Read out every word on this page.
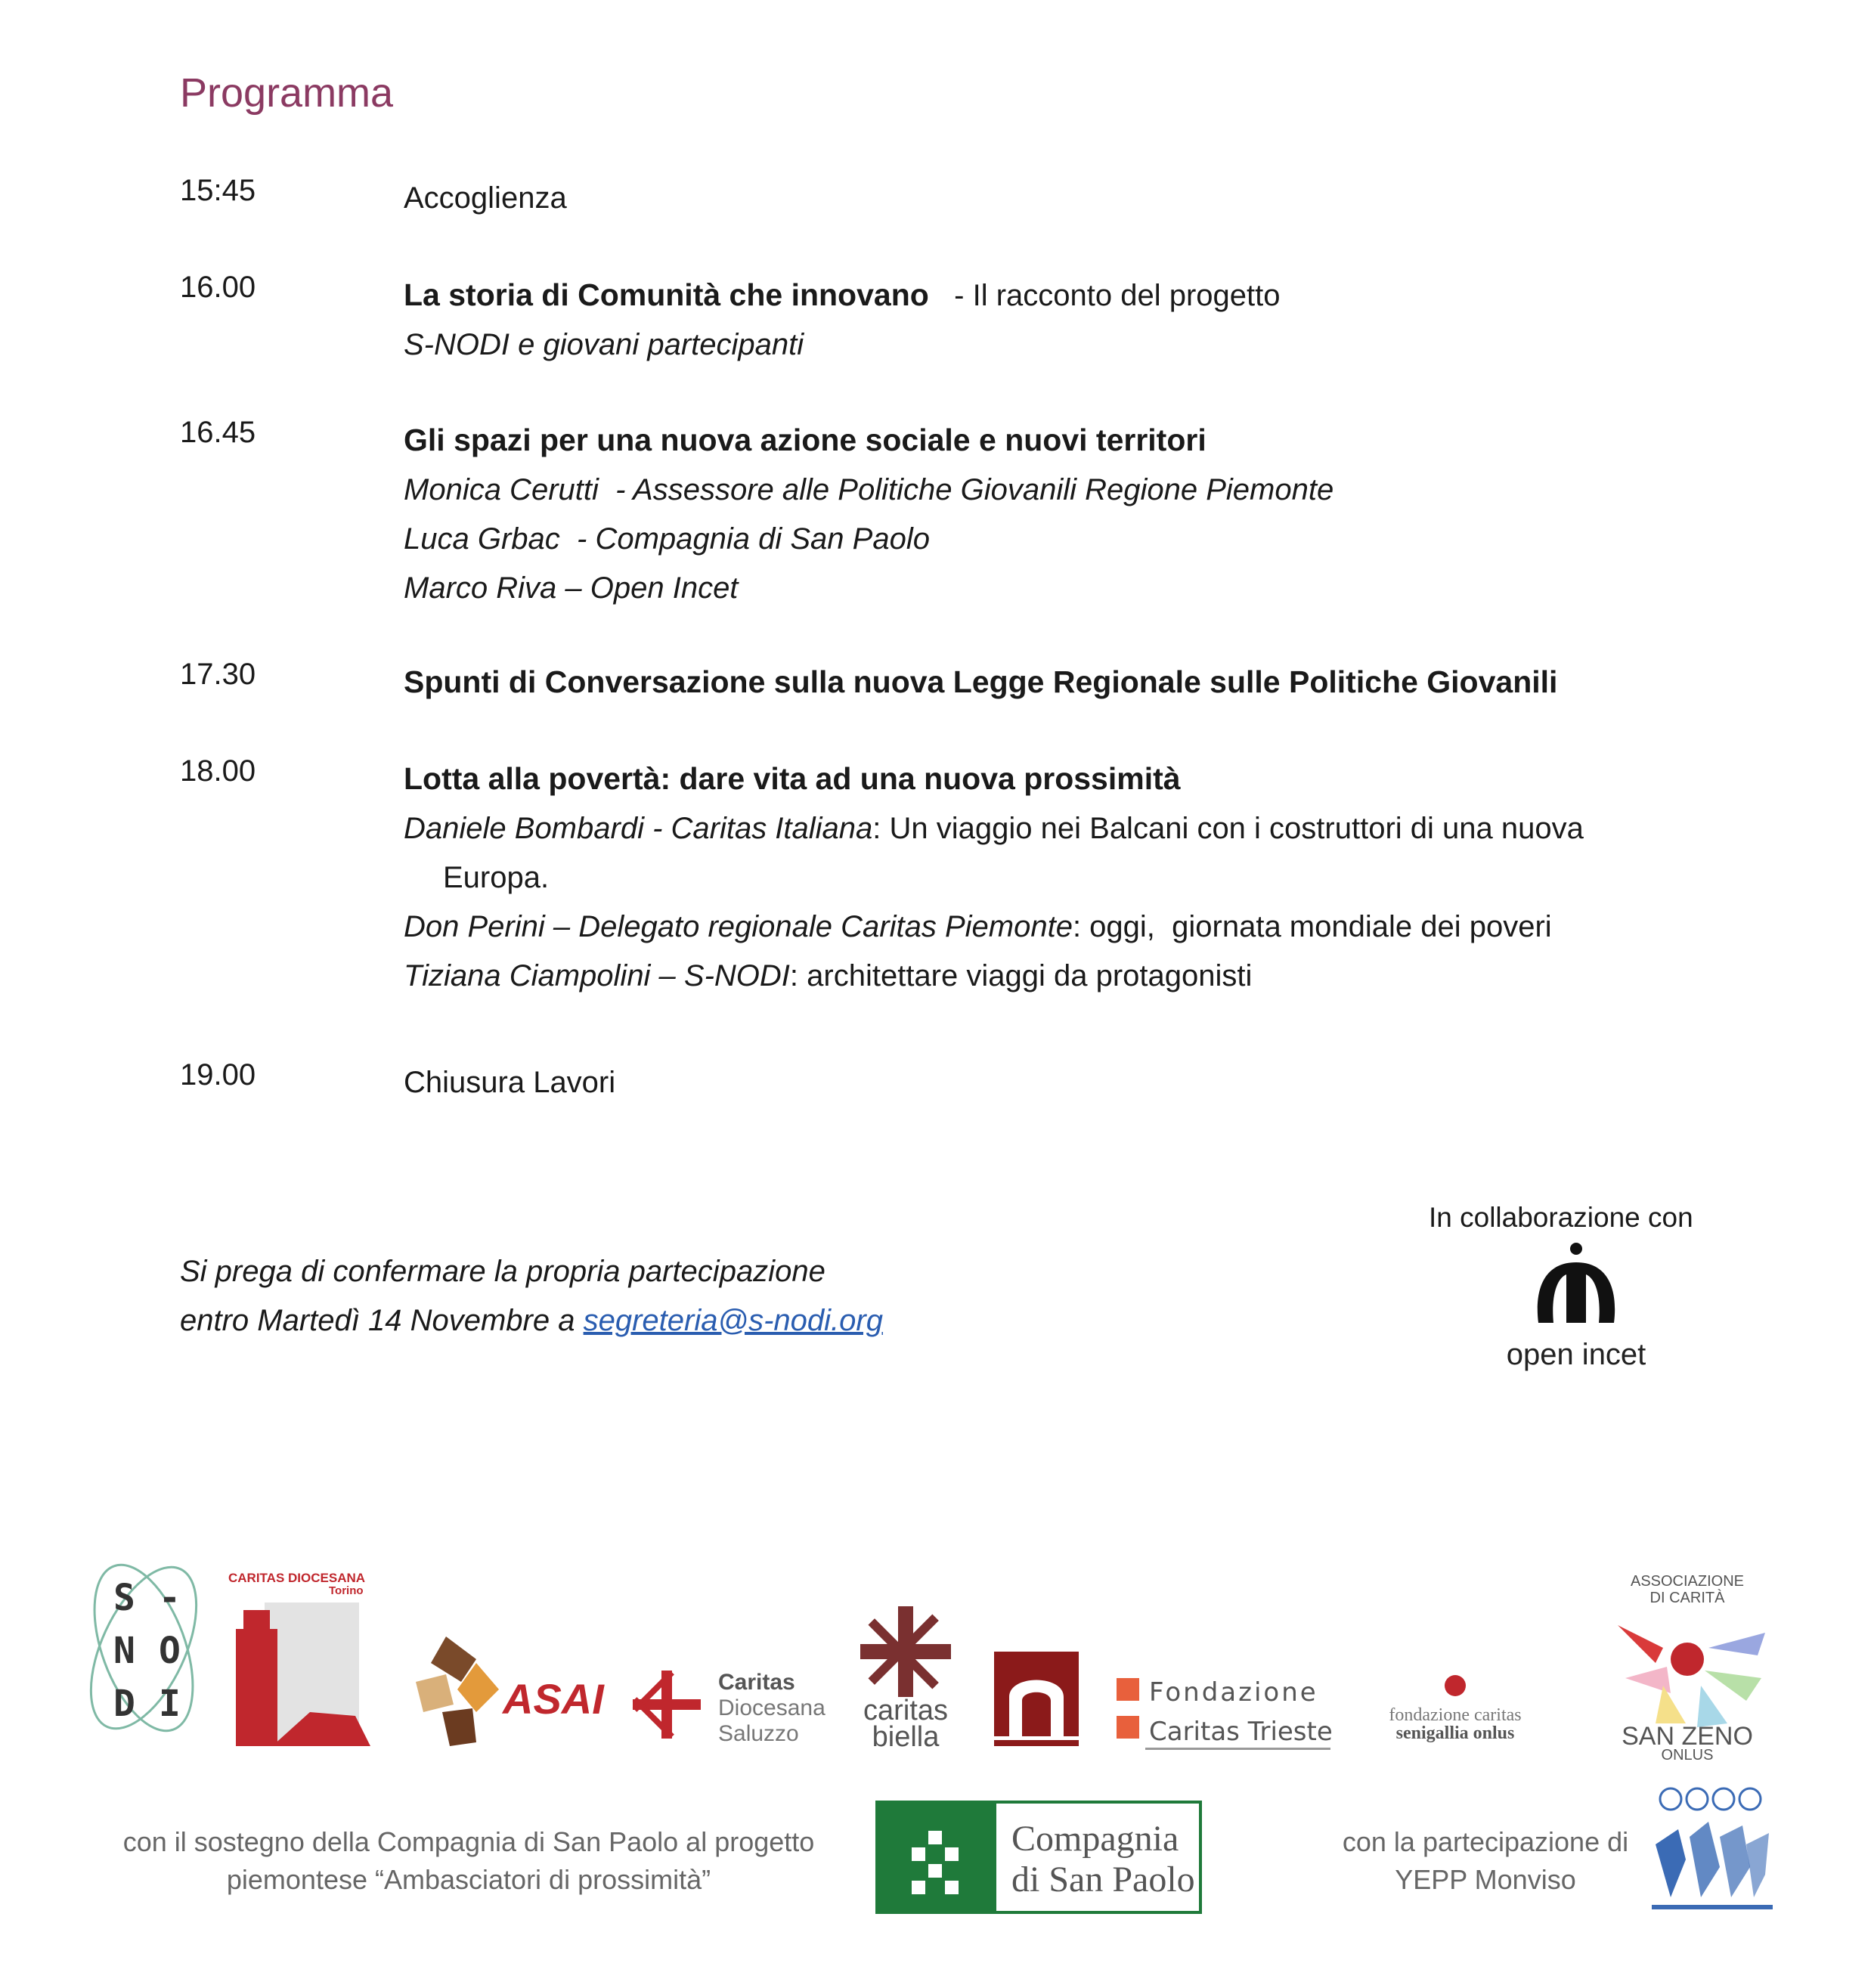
Programma
15:45	Accoglienza
16.00	La storia di Comunità che innovano   - Il racconto del progetto
S-NODI e giovani partecipanti
16.45	Gli spazi per una nuova azione sociale e nuovi territori
Monica Cerutti  - Assessore alle Politiche Giovanili Regione Piemonte
Luca Grbac  - Compagnia di San Paolo
Marco Riva – Open Incet
17.30	Spunti di Conversazione sulla nuova Legge Regionale sulle Politiche Giovanili
18.00	Lotta alla povertà: dare vita ad una nuova prossimità
Daniele Bombardi - Caritas Italiana: Un viaggio nei Balcani con i costruttori di una nuova
Europa.
Don Perini – Delegato regionale Caritas Piemonte: oggi,  giornata mondiale dei poveri
Tiziana Ciampolini – S-NODI: architettare viaggi da protagonisti
19.00	Chiusura Lavori
Si prega di confermare la propria partecipazione
entro Martedì 14 Novembre a segreteria@s-nodi.org
In collaborazione con
open incet
S -
N O
D I
CARITAS DIOCESANA
Torino
ASAI	Caritas
Diocesana
Saluzzo
caritas
biella
Fondazione
Caritas Trieste
fondazione caritas
senigallia onlus
ASSOCIAZIONE
DI CARITÀ
SAN ZENO
ONLUS
con il sostegno della Compagnia di San Paolo al progetto
piemontese “Ambasciatori di prossimità”
Compagnia
di San Paolo
con la partecipazione di
YEPP Monviso
YEPP
